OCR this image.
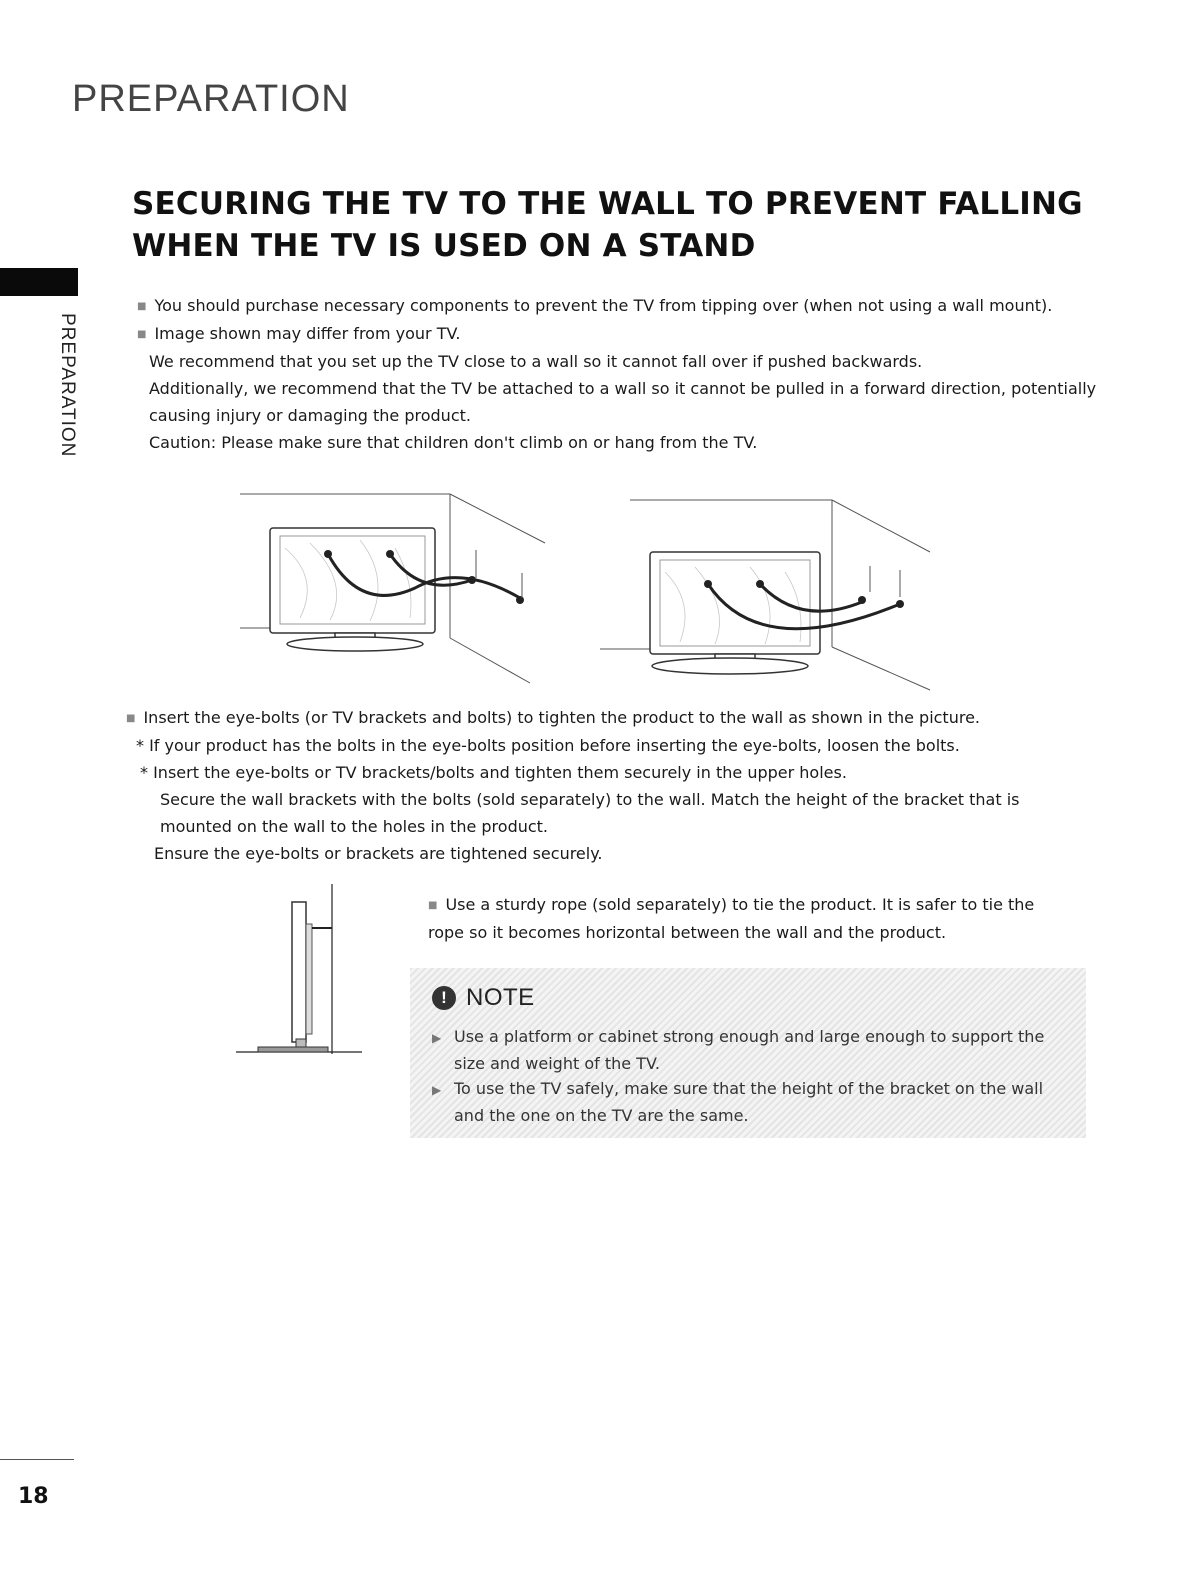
PREPARATION
PREPARATION
SECURING THE TV TO THE WALL TO PREVENT FALLING
WHEN THE TV IS USED ON A STAND

■ You should purchase necessary components to prevent the TV from tipping over (when not using a wall mount).

■ Image shown may differ from your TV.

We recommend that you set up the TV close to a wall so it cannot fall over if pushed backwards.

Additionally, we recommend that the TV be attached to a wall so it cannot be pulled in a forward direction, potentially causing injury or damaging the product.

Caution: Please make sure that children don't climb on or hang from the TV.

■ Insert the eye-bolts (or TV brackets and bolts) to tighten the product to the wall as shown in the picture.

* If your product has the bolts in the eye-bolts position before inserting the eye-bolts, loosen the bolts.

* Insert the eye-bolts or TV brackets/bolts and tighten them securely in the upper holes.

Secure the wall brackets with the bolts (sold separately) to the wall. Match the height of the bracket that is mounted on the wall to the holes in the product.

Ensure the eye-bolts or brackets are tightened securely.

■ Use a sturdy rope (sold separately) to tie the product. It is safer to tie the rope so it becomes horizontal between the wall and the product.

! NOTE

▶ Use a platform or cabinet strong enough and large enough to support the size and weight of the TV.

▶ To use the TV safely, make sure that the height of the bracket on the wall and the one on the TV are the same.

18
